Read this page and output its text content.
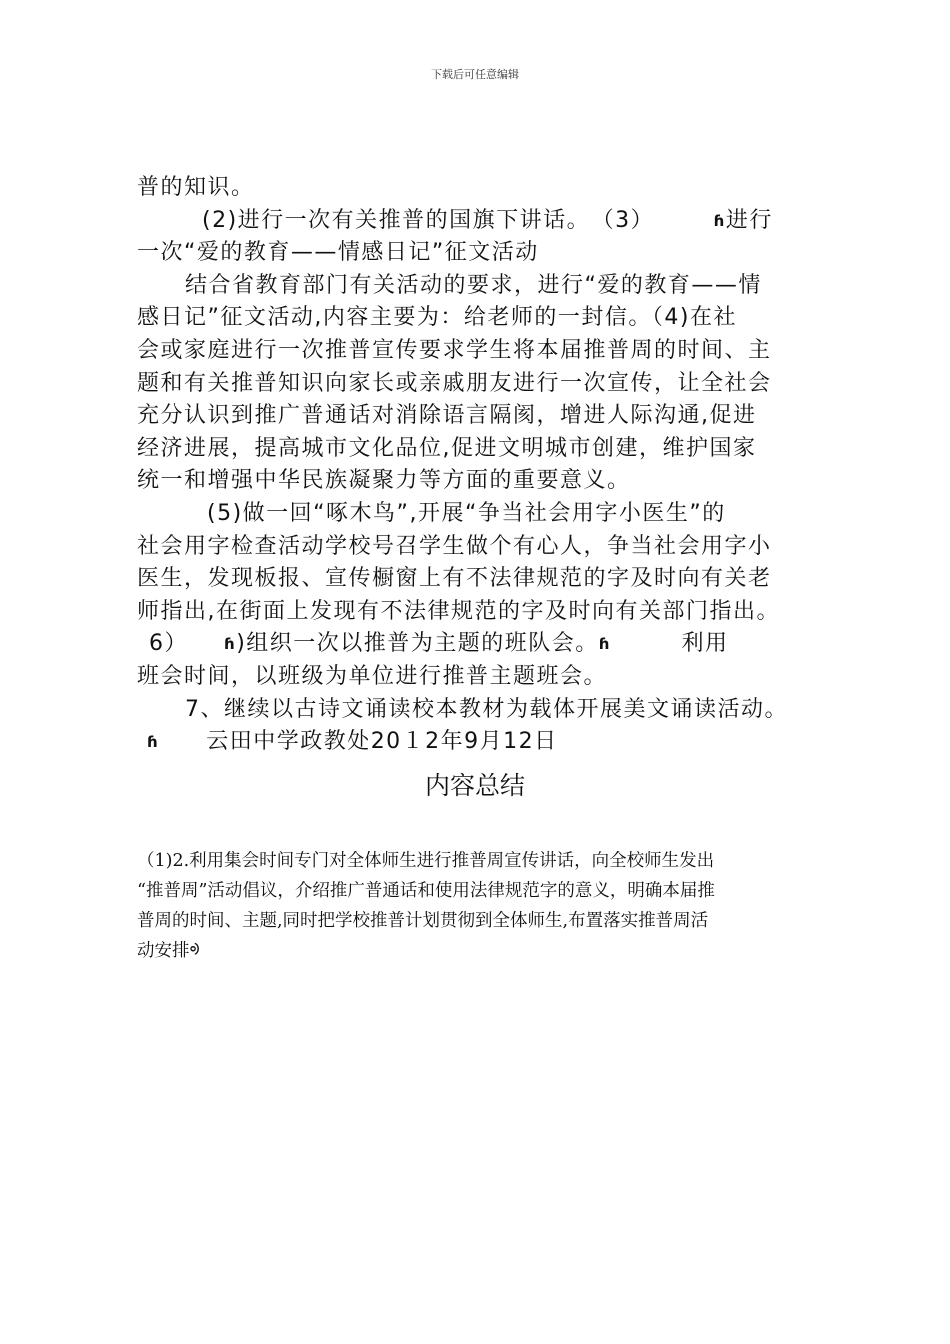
下载后可任意编辑

普的知识。

(2)进行一次有关推普的国旗下讲话。　（3）　　　ɦ进行

一次“爱的教育——情感日记”征文活动

结合省教育部门有关活动的要求，进行“爱的教育——情

感日记”征文活动,内容主要为：给老师的一封信。（4)在社

会或家庭进行一次推普宣传要求学生将本届推普周的时间、主

题和有关推普知识向家长或亲戚朋友进行一次宣传，让全社会

充分认识到推广普通话对消除语言隔阂，增进人际沟通,促进

经济进展，提高城市文化品位,促进文明城市创建，维护国家

统一和增强中华民族凝聚力等方面的重要意义。

(5)做一回“啄木鸟”,开展“争当社会用字小医生”的

社会用字检查活动学校号召学生做个有心人，争当社会用字小

医生，发现板报、宣传橱窗上有不法律规范的字及时向有关老

师指出,在街面上发现有不法律规范的字及时向有关部门指出。

6）　　ɦ)组织一次以推普为主题的班队会。ɦ　　　利用

班会时间，以班级为单位进行推普主题班会。

7、继续以古诗文诵读校本教材为载体开展美文诵读活动。

ɦ　　云田中学政教处20１2年9月12日

内容总结

（1)2.利用集会时间专门对全体师生进行推普周宣传讲话，向全校师生发出

“推普周”活动倡议，介绍推广普通话和使用法律规范字的意义，明确本届推

普周的时间、主题,同时把学校推普计划贯彻到全体师生,布置落实推普周活

动安排ᢀ
